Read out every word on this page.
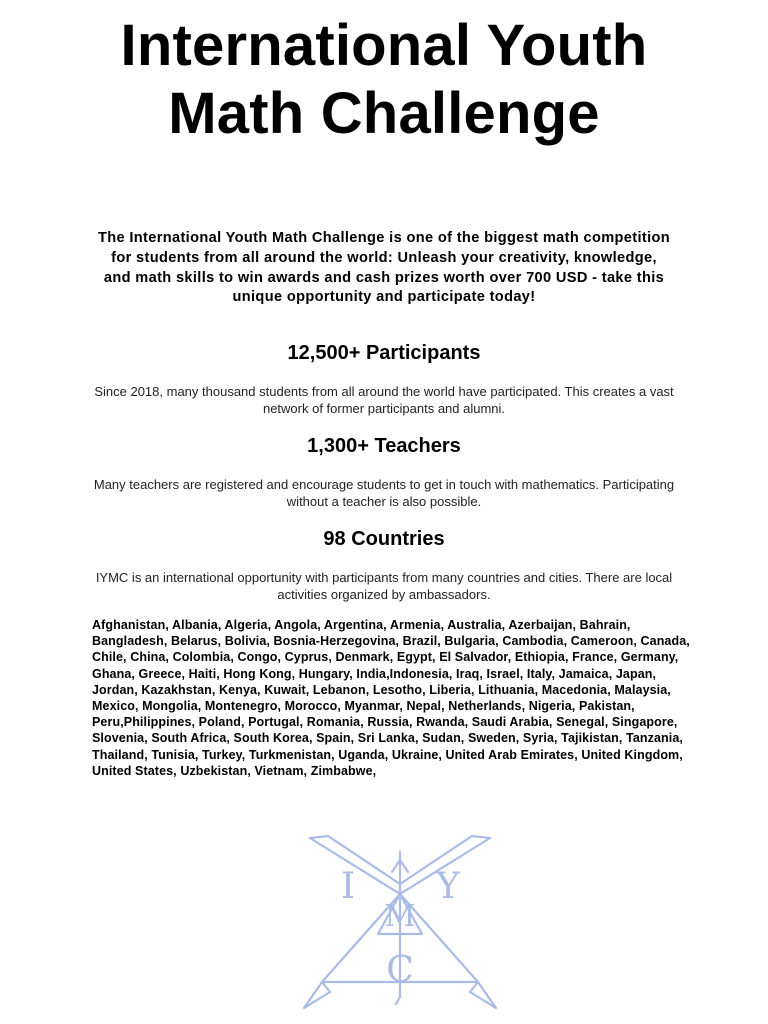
International Youth Math Challenge

The International Youth Math Challenge is one of the biggest math competition for students from all around the world: Unleash your creativity, knowledge, and math skills to win awards and cash prizes worth over 700 USD - take this unique opportunity and participate today!

12,500+ Participants

Since 2018, many thousand students from all around the world have participated. This creates a vast network of former participants and alumni.

1,300+ Teachers

Many teachers are registered and encourage students to get in touch with mathematics. Participating without a teacher is also possible.

98 Countries

IYMC is an international opportunity with participants from many countries and cities. There are local activities organized by ambassadors.

Afghanistan, Albania, Algeria, Angola, Argentina, Armenia, Australia, Azerbaijan, Bahrain, Bangladesh, Belarus, Bolivia, Bosnia-Herzegovina, Brazil, Bulgaria, Cambodia, Cameroon, Canada, Chile, China, Colombia, Congo, Cyprus, Denmark, Egypt, El Salvador, Ethiopia, France, Germany, Ghana, Greece, Haiti, Hong Kong, Hungary, India,Indonesia, Iraq, Israel, Italy, Jamaica, Japan, Jordan, Kazakhstan, Kenya, Kuwait, Lebanon, Lesotho, Liberia, Lithuania, Macedonia, Malaysia, Mexico, Mongolia, Montenegro, Morocco, Myanmar, Nepal, Netherlands, Nigeria, Pakistan, Peru,Philippines, Poland, Portugal, Romania, Russia, Rwanda, Saudi Arabia, Senegal, Singapore, Slovenia, South Africa, South Korea, Spain, Sri Lanka, Sudan, Sweden, Syria, Tajikistan, Tanzania, Thailand, Tunisia, Turkey, Turkmenistan, Uganda, Ukraine, United Arab Emirates, United Kingdom, United States, Uzbekistan, Vietnam, Zimbabwe,

I Y
M
C
